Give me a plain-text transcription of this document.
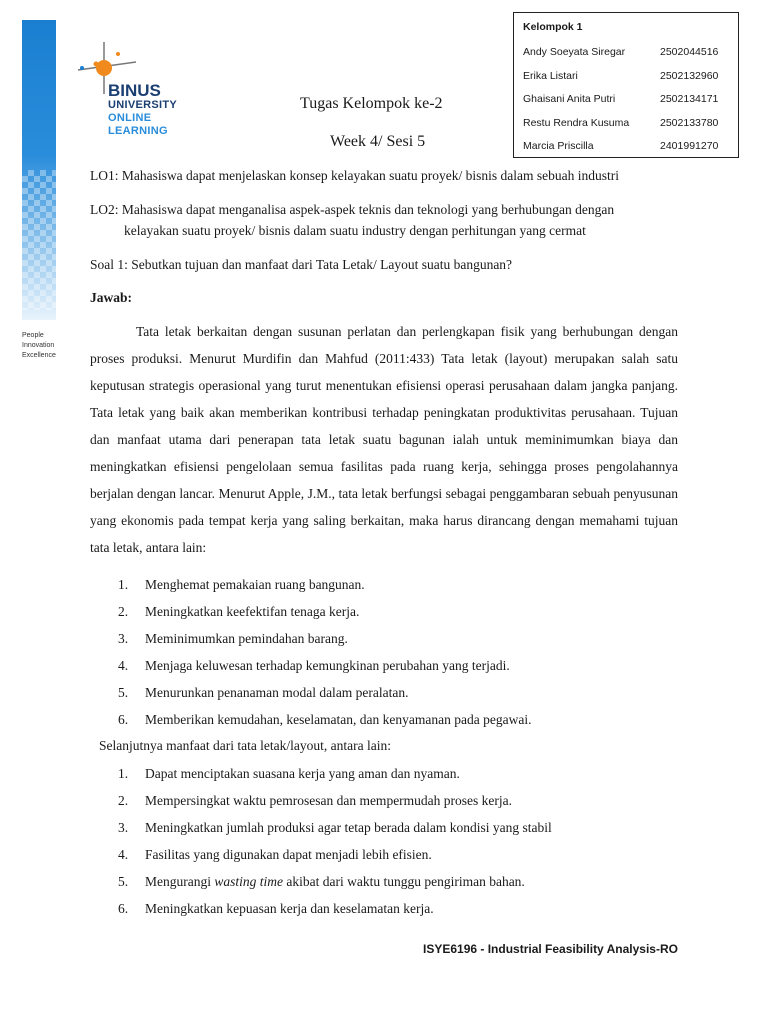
People
Innovation
Excellence
BINUS
UNIVERSITY
ONLINE
LEARNING
Tugas Kelompok ke-2
Week 4/ Sesi 5
Kelompok 1
Andy Soeyata Siregar	2502044516
Erika Listari	2502132960
Ghaisani Anita Putri	2502134171
Restu Rendra Kusuma	2502133780
Marcia Priscilla	2401991270
LO1: Mahasiswa dapat menjelaskan konsep kelayakan suatu proyek/ bisnis dalam sebuah industri
LO2: Mahasiswa dapat menganalisa aspek-aspek teknis dan teknologi yang berhubungan dengan
kelayakan suatu proyek/ bisnis dalam suatu industry dengan perhitungan yang cermat
Soal 1: Sebutkan tujuan dan manfaat dari Tata Letak/ Layout suatu bangunan?
Jawab:
Tata letak berkaitan dengan susunan perlatan dan perlengkapan fisik yang berhubungan dengan proses produksi. Menurut Murdifin dan Mahfud (2011:433) Tata letak (layout) merupakan salah satu keputusan strategis operasional yang turut menentukan efisiensi operasi perusahaan dalam jangka panjang. Tata letak yang baik akan memberikan kontribusi terhadap peningkatan produktivitas perusahaan. Tujuan dan manfaat utama dari penerapan tata letak suatu bagunan ialah untuk meminimumkan biaya dan meningkatkan efisiensi pengelolaan semua fasilitas pada ruang kerja, sehingga proses pengolahannya berjalan dengan lancar. Menurut Apple, J.M., tata letak berfungsi sebagai penggambaran sebuah penyusunan yang ekonomis pada tempat kerja yang saling berkaitan, maka harus dirancang dengan memahami tujuan tata letak, antara lain:
1.	Menghemat pemakaian ruang bangunan.
2.	Meningkatkan keefektifan tenaga kerja.
3.	Meminimumkan pemindahan barang.
4.	Menjaga keluwesan terhadap kemungkinan perubahan yang terjadi.
5.	Menurunkan penanaman modal dalam peralatan.
6.	Memberikan kemudahan, keselamatan, dan kenyamanan pada pegawai.
Selanjutnya manfaat dari tata letak/layout, antara lain:
1.	Dapat menciptakan suasana kerja yang aman dan nyaman.
2.	Mempersingkat waktu pemrosesan dan mempermudah proses kerja.
3.	Meningkatkan jumlah produksi agar tetap berada dalam kondisi yang stabil
4.	Fasilitas yang digunakan dapat menjadi lebih efisien.
5.	Mengurangi wasting time akibat dari waktu tunggu pengiriman bahan.
6.	Meningkatkan kepuasan kerja dan keselamatan kerja.
ISYE6196 - Industrial Feasibility Analysis-RO
